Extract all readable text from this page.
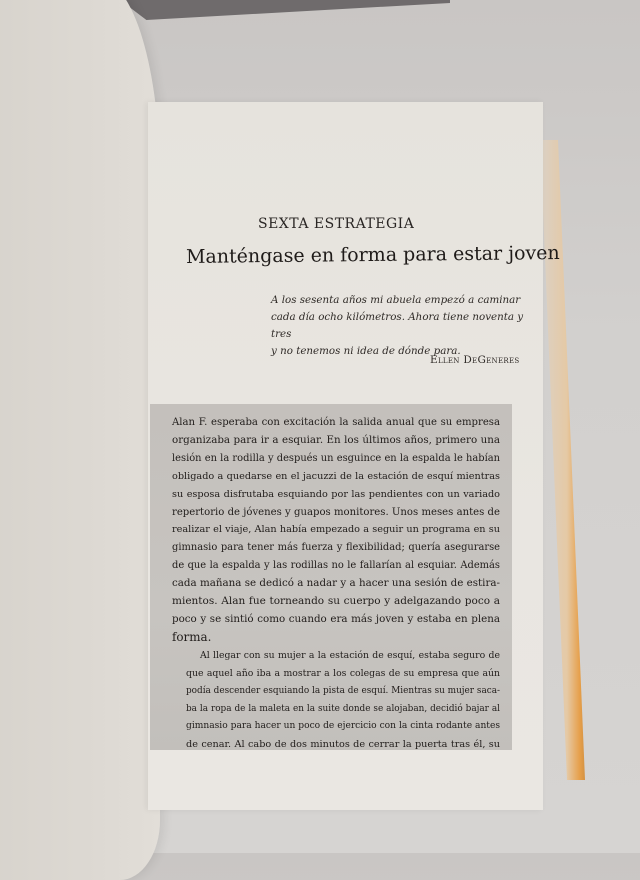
SEXTA ESTRATEGIA
Manténgase en forma para estar joven
A los sesenta años mi abuela empezó a caminar
cada día ocho kilómetros. Ahora tiene noventa y tres
y no tenemos ni idea de dónde para.
Ellen DeGeneres

Alan F. esperaba con excitación la salida anual que su empresa
organizaba para ir a esquiar. En los últimos años, primero una
lesión en la rodilla y después un esguince en la espalda le habían
obligado a quedarse en el jacuzzi de la estación de esquí mientras
su esposa disfrutaba esquiando por las pendientes con un variado
repertorio de jóvenes y guapos monitores. Unos meses antes de
realizar el viaje, Alan había empezado a seguir un programa en su
gimnasio para tener más fuerza y flexibilidad; quería asegurarse
de que la espalda y las rodillas no le fallarían al esquiar. Además
cada mañana se dedicó a nadar y a hacer una sesión de estira-
mientos. Alan fue torneando su cuerpo y adelgazando poco a
poco y se sintió como cuando era más joven y estaba en plena
forma.

Al llegar con su mujer a la estación de esquí, estaba seguro de
que aquel año iba a mostrar a los colegas de su empresa que aún
podía descender esquiando la pista de esquí. Mientras su mujer saca-
ba la ropa de la maleta en la suite donde se alojaban, decidió bajar al
gimnasio para hacer un poco de ejercicio con la cinta rodante antes
de cenar. Al cabo de dos minutos de cerrar la puerta tras él, su
